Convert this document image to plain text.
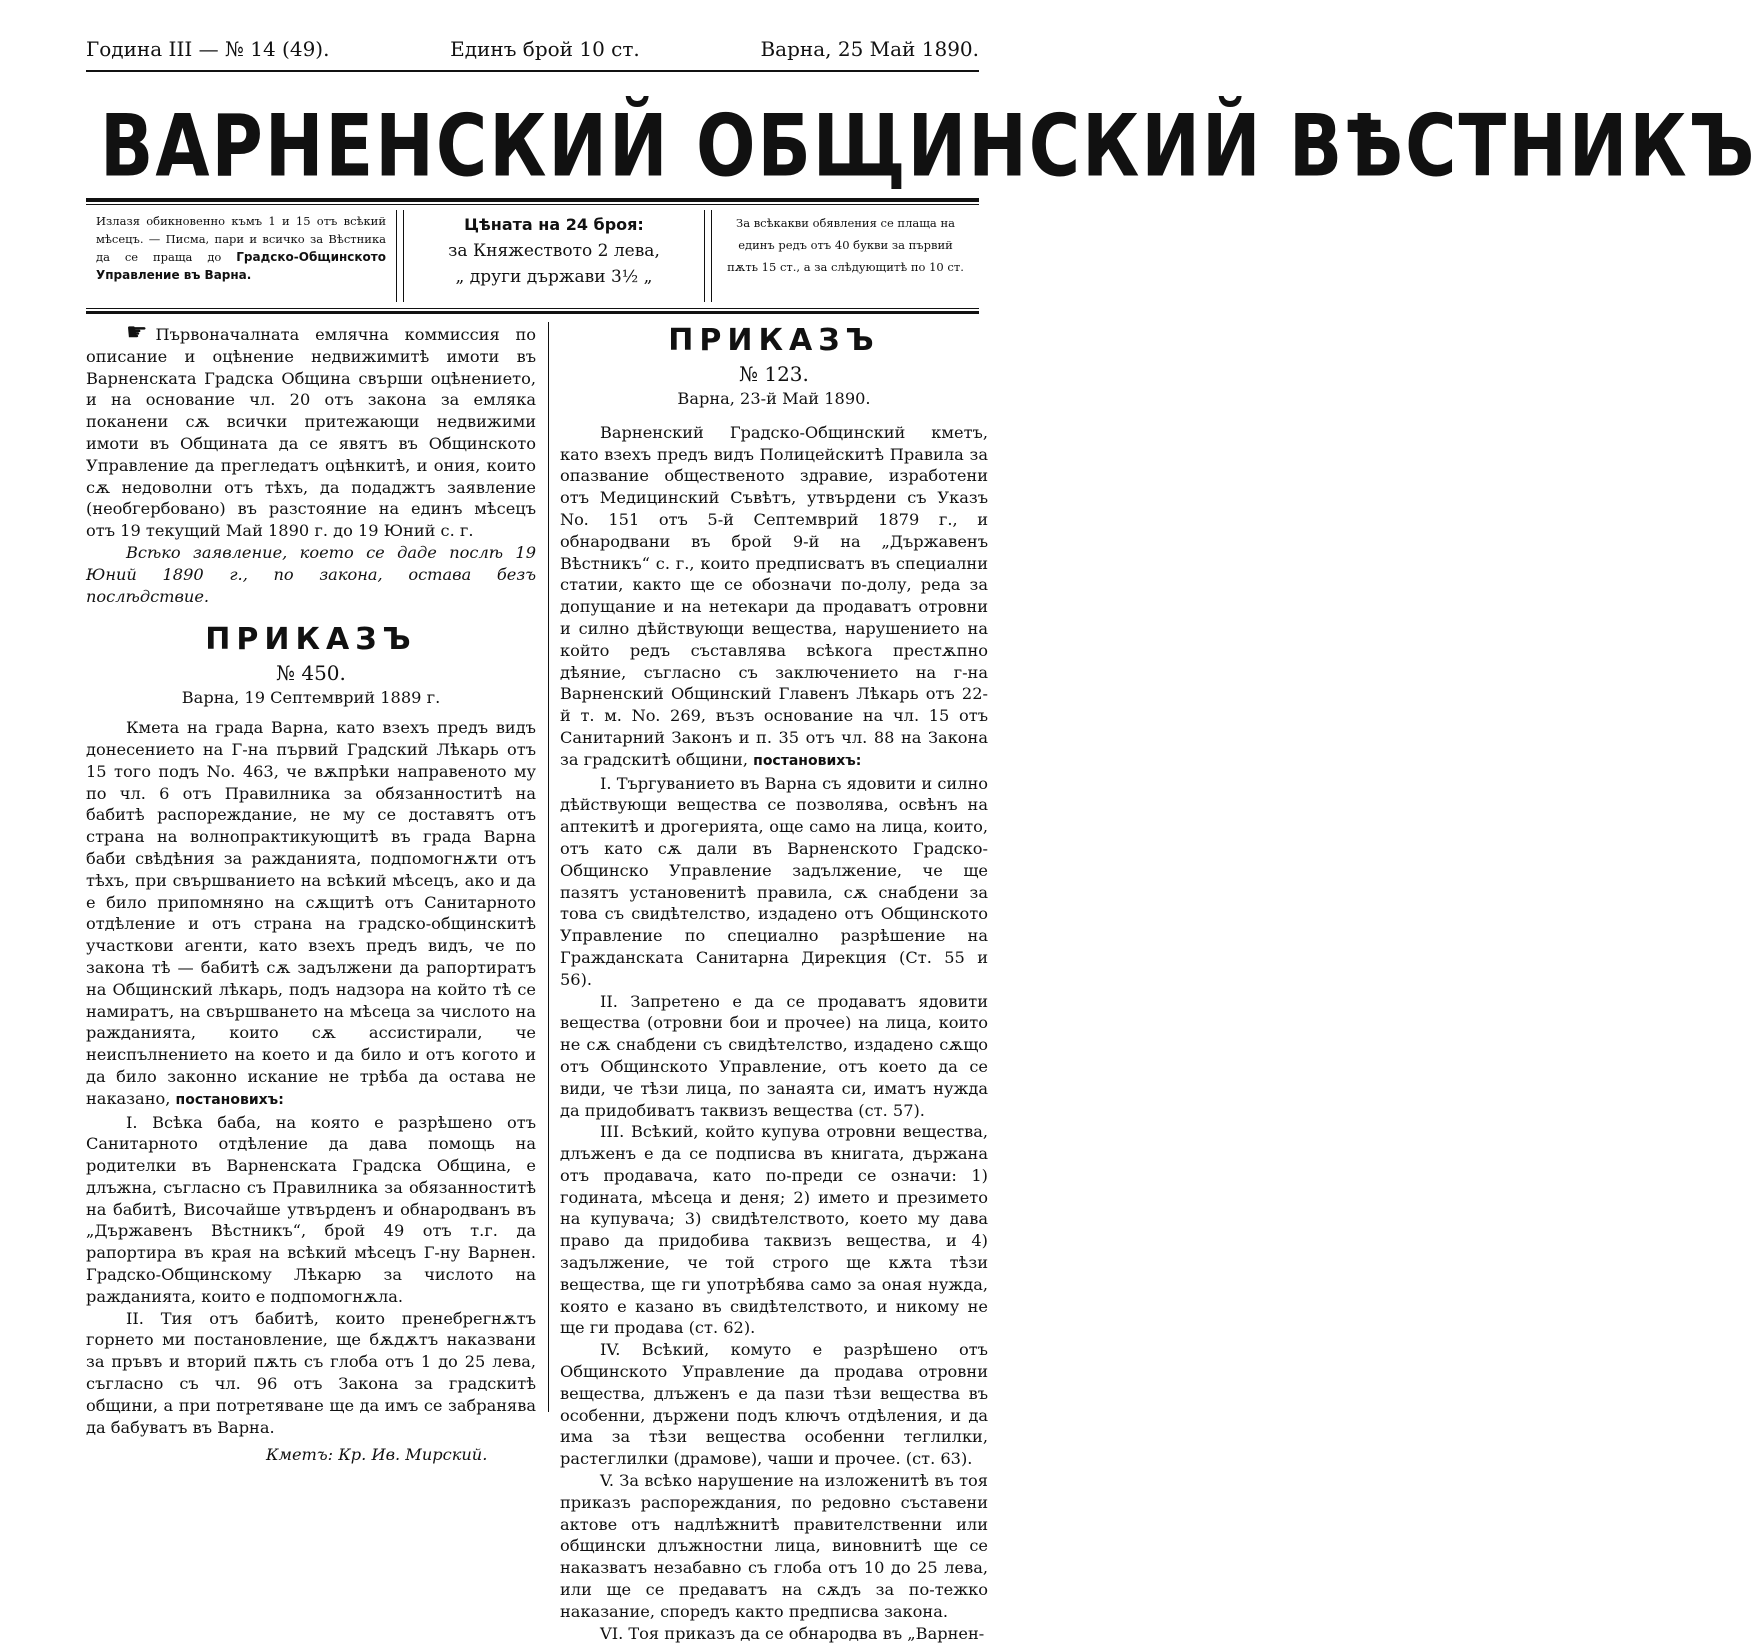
Година III — № 14 (49).	Единъ брой 10 ст.	Варна, 25 Май 1890.
ВАРНЕНСКИЙ ОБЩИНСКИЙ ВѢСТНИКЪ
Излазя обикновенно къмъ 1 и 15 отъ всѣкий мѣсецъ. — Писма, пари и всичко за Вѣстника да се праща до Градско-Общинското Управление въ Варна.
Цѣната на 24 броя:
за Княжеството 2 лева,
„ други държави 3½ „
За всѣкакви обявления се плаща на единъ редъ отъ 40 букви за първий пѫть 15 ст., а за слѣдующитѣ по 10 ст.

☛ Първоначалната емлячна коммиссия по описание и оцѣнение недвижимитѣ имоти въ Варненската Градска Община свърши оцѣнението, и на основание чл. 20 отъ закона за емляка поканени сѫ всички притежающи недвижими имоти въ Общината да се явятъ въ Общинското Управление да прегледатъ оцѣнкитѣ, и ония, които сѫ недоволни отъ тѣхъ, да подаджтъ заявление (необгербовано) въ разстояние на единъ мѣсецъ отъ 19 текущий Май 1890 г. до 19 Юний с. г.

Всѣко заявление, което се даде послѣ 19 Юний 1890 г., по закона, остава безъ послѣдствие.

ПРИКАЗЪ
№ 450.
Варна, 19 Септемврий 1889 г.

Кмета на града Варна, като взехъ предъ видъ донесението на Г-на първий Градский Лѣкарь отъ 15 того подъ No. 463, че вѫпрѣки направеното му по чл. 6 отъ Правилника за обязанноститѣ на бабитѣ распореждание, не му се доставятъ отъ страна на волнопрактикующитѣ въ града Варна баби свѣдѣния за ражданията, подпомогнѫти отъ тѣхъ, при свършванието на всѣкий мѣсецъ, ако и да е било припомняно на сѫщитѣ отъ Санитарното отдѣление и отъ страна на градско-общинскитѣ участкови агенти, като взехъ предъ видъ, че по закона тѣ — бабитѣ сѫ задължени да рапортиратъ на Общинский лѣкарь, подъ надзора на който тѣ се намиратъ, на свършването на мѣсеца за числото на ражданията, които сѫ ассистирали, че неиспълнението на което и да било и отъ когото и да било законно искание не трѣба да остава не наказано, постановихъ:

I. Всѣка баба, на която е разрѣшено отъ Санитарното отдѣление да дава помощь на родителки въ Варненската Градска Община, е длъжна, съгласно съ Правилника за обязанноститѣ на бабитѣ, Височайше утвърденъ и обнародванъ въ „Държавенъ Вѣстникъ“, брой 49 отъ т.г. да рапортира въ края на всѣкий мѣсецъ Г-ну Варнен. Градско-Общинскому Лѣкарю за числото на ражданията, които е подпомогнѫла.

II. Тия отъ бабитѣ, които пренебрегнѫтъ горнето ми постановление, ще бѫдѫтъ наказвани за пръвъ и вторий пѫть съ глоба отъ 1 до 25 лева, съгласно съ чл. 96 отъ Закона за градскитѣ общини, а при потретяване ще да имъ се забранява да бабуватъ въ Варна.

Кметъ: Кр. Ив. Мирский.

ПРИКАЗЪ
№ 123.
Варна, 23-й Май 1890.

Варненский Градско-Общинский кметъ, като взехъ предъ видъ Полицейскитѣ Правила за опазвание общественото здравие, изработени отъ Медицинский Съвѣтъ, утвърдени съ Указъ No. 151 отъ 5-й Септемврий 1879 г., и обнародвани въ брой 9-й на „Държавенъ Вѣстникъ“ с. г., които предписватъ въ специални статии, както ще се обозначи по-долу, реда за допущание и на нетекари да продаватъ отровни и силно дѣйствующи вещества, нарушението на който редъ съставлява всѣкога престѫпно дѣяние, съгласно съ заключението на г-на Варненский Общинский Главенъ Лѣкарь отъ 22-й т. м. No. 269, възъ основание на чл. 15 отъ Санитарний Законъ и п. 35 отъ чл. 88 на Закона за градскитѣ общини, постановихъ:

I. Търгуванието въ Варна съ ядовити и силно дѣйствующи вещества се позволява, освѣнъ на аптекитѣ и дрогерията, още само на лица, които, отъ като сѫ дали въ Варненското Градско-Общинско Управление задължение, че ще пазятъ установенитѣ правила, сѫ снабдени за това съ свидѣтелство, издадено отъ Общинското Управление по специално разрѣшение на Гражданската Санитарна Дирекция (Ст. 55 и 56).

II. Запретено е да се продаватъ ядовити вещества (отровни бои и прочее) на лица, които не сѫ снабдени съ свидѣтелство, издадено сѫщо отъ Общинското Управление, отъ което да се види, че тѣзи лица, по занаята си, иматъ нужда да придобиватъ таквизъ вещества (ст. 57).

III. Всѣкий, който купува отровни вещества, длъженъ е да се подписва въ книгата, държана отъ продавача, като по-преди се означи: 1) годината, мѣсеца и деня; 2) името и презимето на купувача; 3) свидѣтелството, което му дава право да придобива таквизъ вещества, и 4) задължение, че той строго ще кѫта тѣзи вещества, ще ги употрѣбява само за оная нужда, която е казано въ свидѣтелството, и никому не ще ги продава (ст. 62).

IV. Всѣкий, комуто е разрѣшено отъ Общинското Управление да продава отровни вещества, длъженъ е да пази тѣзи вещества въ особенни, държени подъ ключъ отдѣления, и да има за тѣзи вещества особенни теглилки, растеглилки (драмове), чаши и прочее. (ст. 63).

V. За всѣко нарушение на изложенитѣ въ тоя приказъ распореждания, по редовно съставени актове отъ надлѣжнитѣ правителственни или общински длъжностни лица, виновнитѣ ще се наказватъ незабавно съ глоба отъ 10 до 25 лева, или ще се предаватъ на сѫдъ за по-тежко наказание, споредъ както предписва закона.

VI. Тоя приказъ да се обнародва въ „Варнен-
